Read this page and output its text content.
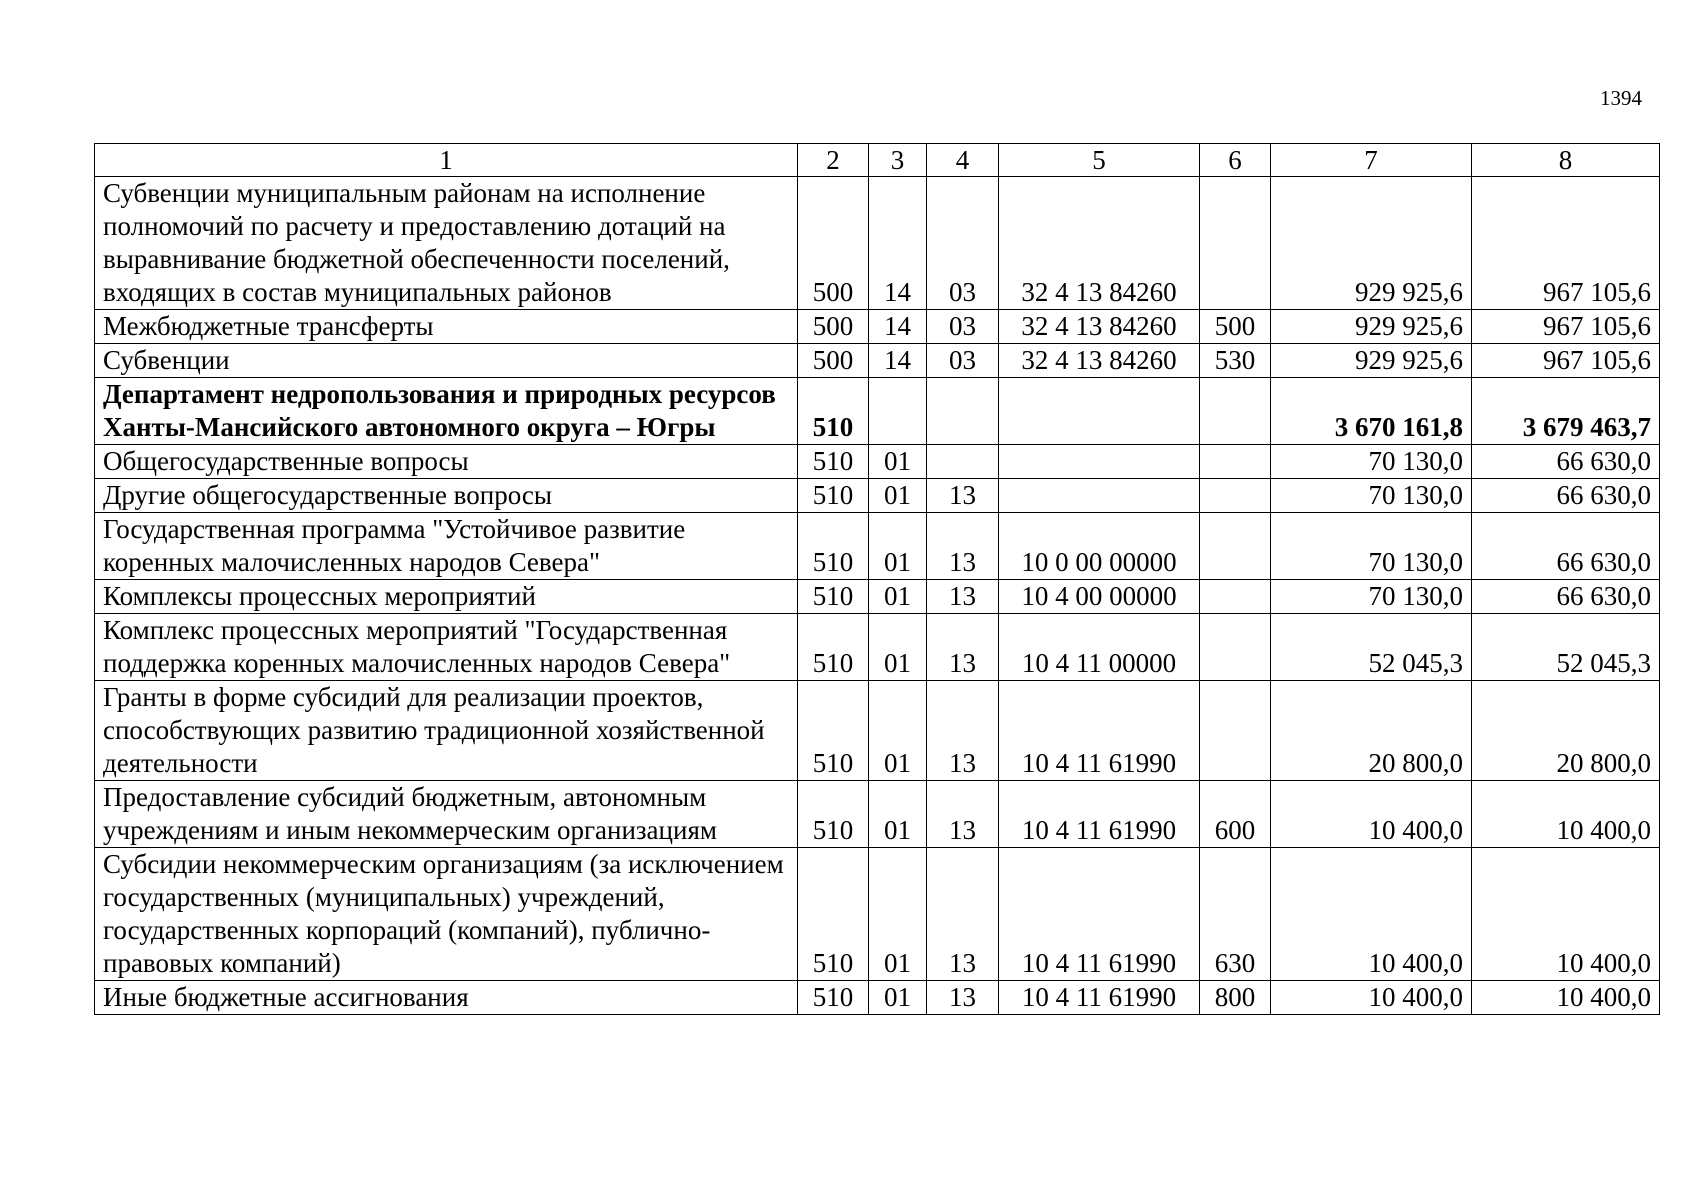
1394
1	2	3	4	5	6	7	8
Субвенции муниципальным районам на исполнение полномочий по расчету и предоставлению дотаций на выравнивание бюджетной обеспеченности поселений, входящих в состав муниципальных районов	500	14	03	32 4 13 84260		929 925,6	967 105,6
Межбюджетные трансферты	500	14	03	32 4 13 84260	500	929 925,6	967 105,6
Субвенции	500	14	03	32 4 13 84260	530	929 925,6	967 105,6
Департамент недропользования и природных ресурсов Ханты-Мансийского автономного округа – Югры	510					3 670 161,8	3 679 463,7
Общегосударственные вопросы	510	01				70 130,0	66 630,0
Другие общегосударственные вопросы	510	01	13			70 130,0	66 630,0
Государственная программа "Устойчивое развитие коренных малочисленных народов Севера"	510	01	13	10 0 00 00000		70 130,0	66 630,0
Комплексы процессных мероприятий	510	01	13	10 4 00 00000		70 130,0	66 630,0
Комплекс процессных мероприятий "Государственная поддержка коренных малочисленных народов Севера"	510	01	13	10 4 11 00000		52 045,3	52 045,3
Гранты в форме субсидий для реализации проектов, способствующих развитию традиционной хозяйственной деятельности	510	01	13	10 4 11 61990		20 800,0	20 800,0
Предоставление субсидий бюджетным, автономным учреждениям и иным некоммерческим организациям	510	01	13	10 4 11 61990	600	10 400,0	10 400,0
Субсидии некоммерческим организациям (за исключением государственных (муниципальных) учреждений, государственных корпораций (компаний), публично-правовых компаний)	510	01	13	10 4 11 61990	630	10 400,0	10 400,0
Иные бюджетные ассигнования	510	01	13	10 4 11 61990	800	10 400,0	10 400,0
